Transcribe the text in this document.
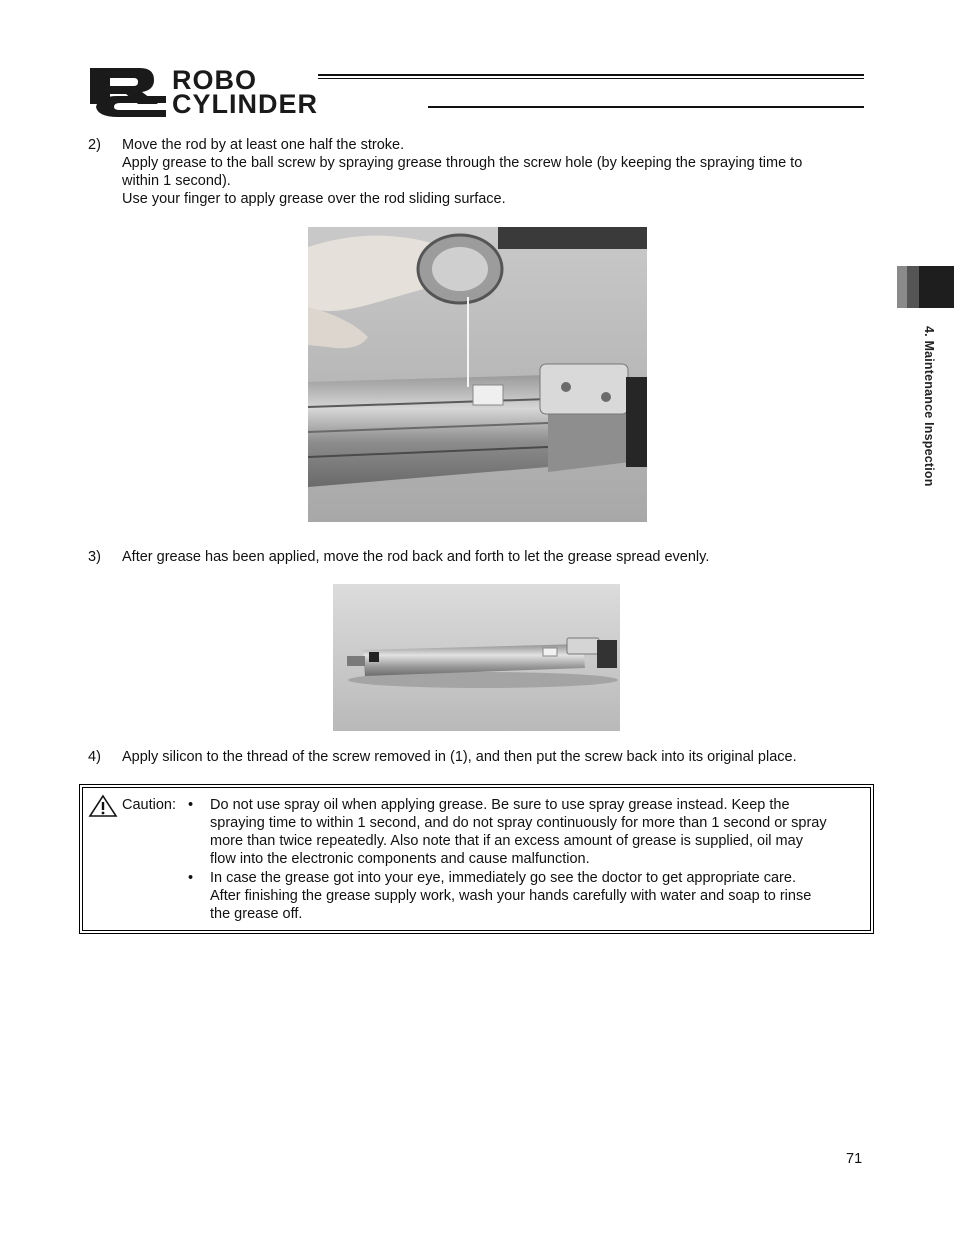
ROBO
CYLINDER
4. Maintenance Inspection
2)	Move the rod by at least one half the stroke.
Apply grease to the ball screw by spraying grease through the screw hole (by keeping the spraying time to
within 1 second).
Use your finger to apply grease over the rod sliding surface.
3)	After grease has been applied, move the rod back and forth to let the grease spread evenly.
4)	Apply silicon to the thread of the screw removed in (1), and then put the screw back into its original place.
Caution: •	Do not use spray oil when applying grease. Be sure to use spray grease instead. Keep the
spraying time to within 1 second, and do not spray continuously for more than 1 second or spray
more than twice repeatedly. Also note that if an excess amount of grease is supplied, oil may
flow into the electronic components and cause malfunction.
•	In case the grease got into your eye, immediately go see the doctor to get appropriate care.
After finishing the grease supply work, wash your hands carefully with water and soap to rinse
the grease off.
71
